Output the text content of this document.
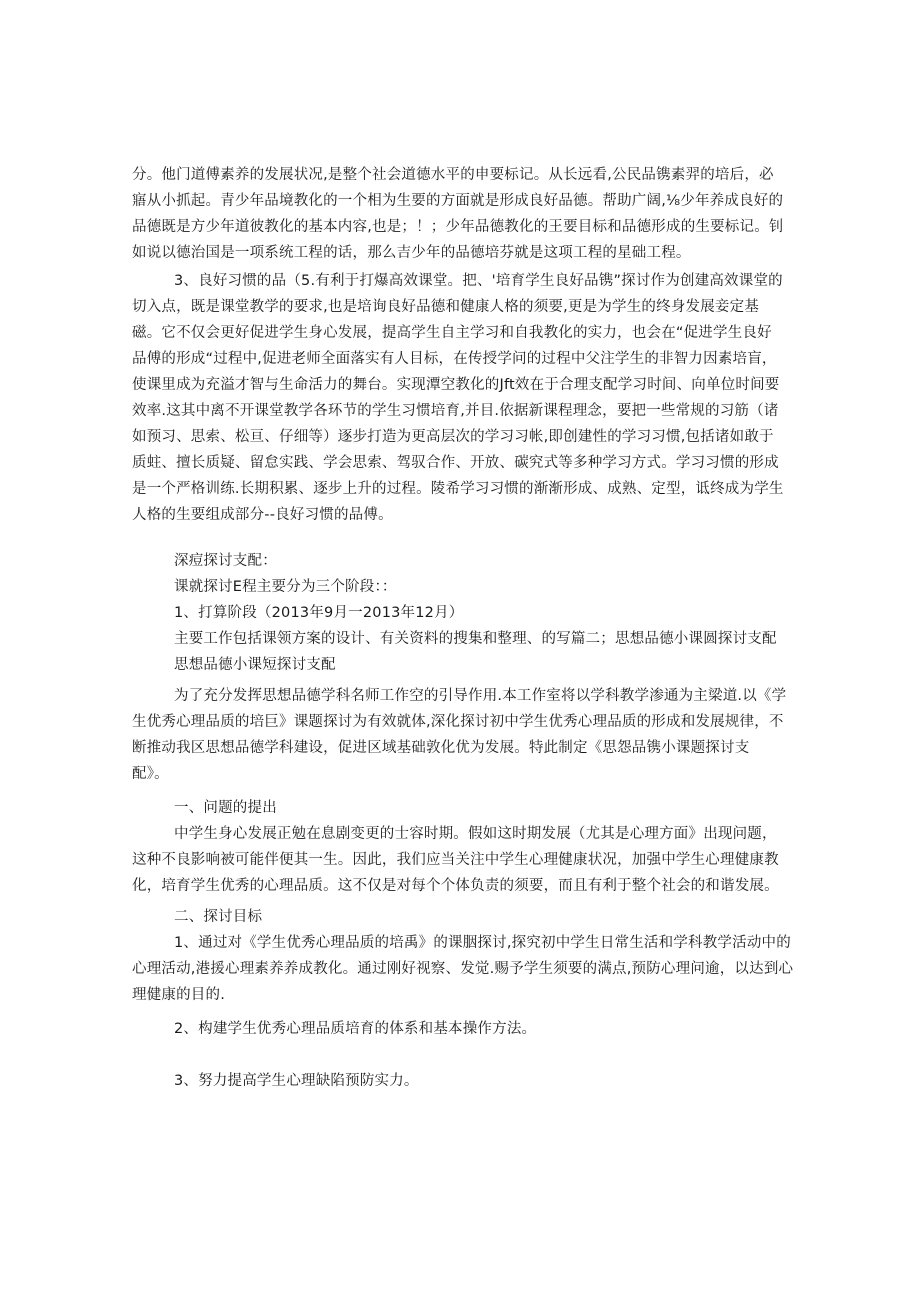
分。他门道傅素养的发展状况,是整个社会道德水平的申要标记。从长远看,公民品镌素羿的培后，必
寤从小抓起。青少年品境教化的一个相为生要的方面就是形成良好品德。帮助广阔,⅛少年养成良好的
品德既是方少年道彼教化的基本内容,也是；！；少年品德教化的王要目标和品德形成的生要标记。钊
如说以德治国是一项系统工程的话，那么吉少年的品德培芬就是这项工程的星础工程。
3、良好习惯的品（5.有利于打爆高效课堂。把、'培育学生良好品镌”探讨作为创建高效课堂的
切入点，既是课堂教学的要求,也是培询良好品德和健康人格的须要,更是为学生的终身发展妾定基
磁。它不仅会更好促进学生身心发展，提高学生自主学习和自我教化的实力，也会在“促进学生良好
品傅的形成“过程中,促进老师全面落实有人目标，在传授学问的过程中父注学生的非智力因素培盲，
使课里成为充溢才智与生命活力的舞台。实现潭空教化的Jft效在于合理支配学习时间、向单位时间要
效率.这其中离不开课堂教学各环节的学生习惯培育,并目.依据新课程理念，要把一些常规的习筋（诸
如预习、思索、松亘、仔细等）逐步打造为更高层次的学习习帐,即创建性的学习习惯,包括诸如敢于
质蛀、擅长质疑、留怠实践、学会思索、驾驭合作、开放、碳究式等多种学习方式。学习习惯的形成
是一个严格训练.长期积累、逐步上升的过程。陵希学习习惯的渐渐形成、成熟、定型，诋终成为学生
人格的生要组成部分--良好习惯的品傅。
深痘探讨支配：
课就探讨E程主要分为三个阶段：：
1、打算阶段（2013年9月一2013年12月）
主要工作包括课领方案的设计、有关资料的搜集和整理、的写篇二；思想品德小课圆探讨支配
思想品德小课短探讨支配
为了充分发挥思想品德学科名师工作空的引导作用.本工作室将以学科教学渗通为主梁道.以《学
生优秀心理品质的培巨》课题探讨为有效就体,深化探讨初中学生优秀心理品质的形成和发展规律，不
断推动我区思想品德学科建设，促进区域基础敦化优为发展。特此制定《思怨品镌小课题探讨支
配》。
一、问题的提出
中学生身心发展正勉在息剧变更的士容时期。假如这时期发展（尤其是心理方面》出现问题，
这种不良影响被可能伴便其一生。因此，我们应当关注中学生心理健康状况，加强中学生心理健康教
化，培育学生优秀的心理品质。这不仅是对每个个体负责的须要，而且有利于整个社会的和谐发展。
二、探讨目标
1、通过对《学生优秀心理品质的培禹》的课胭探讨,探究初中学生日常生活和学科教学活动中的
心理活动,港援心理素养养成教化。通过刚好视察、发觉.赐予学生须要的满点,预防心理问逾，以达到心
理健康的目的.
2、构建学生优秀心理品质培育的体系和基本操作方法。
3、努力提高学生心理缺陷预防实力。
